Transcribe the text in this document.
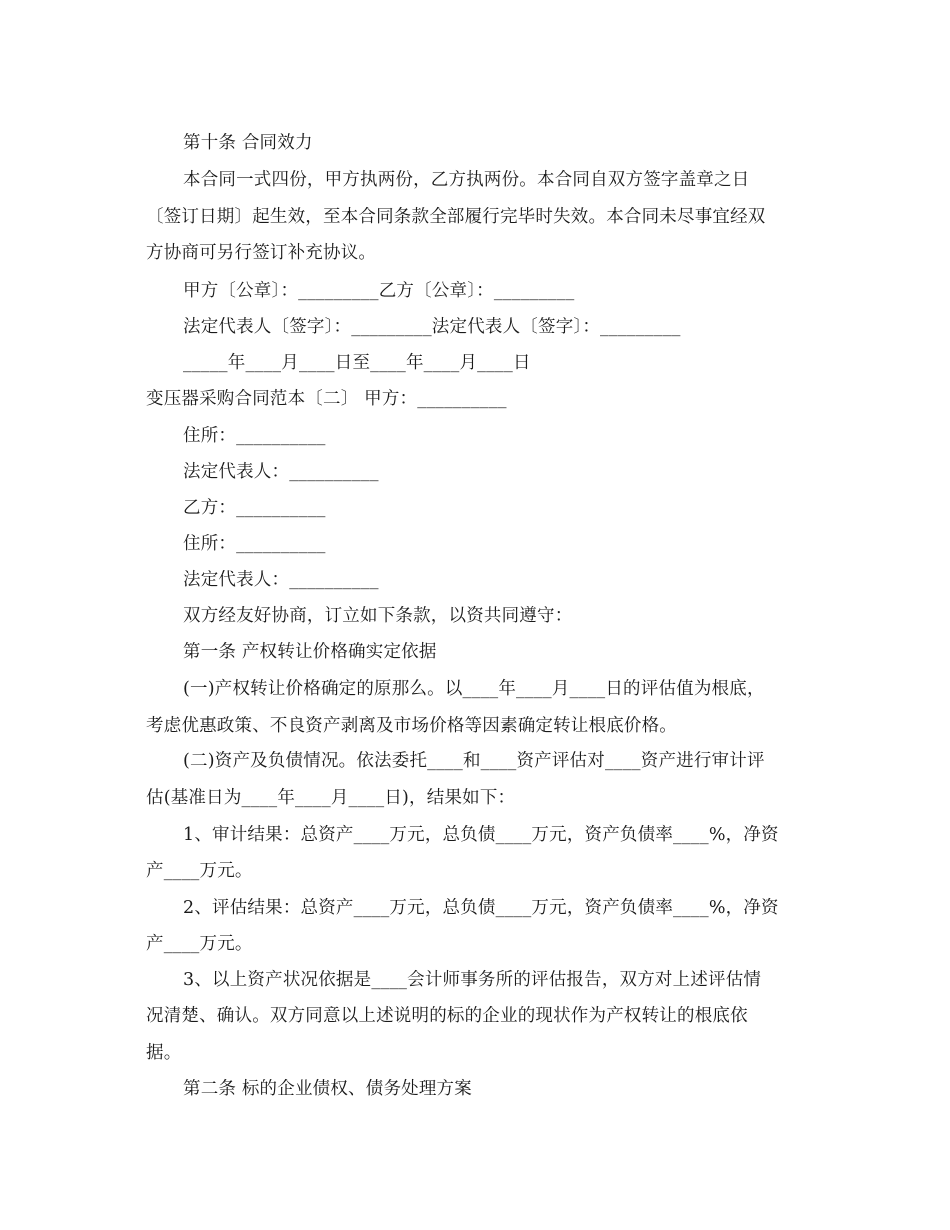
第十条 合同效力
本合同一式四份，甲方执两份，乙方执两份。本合同自双方签字盖章之日
〔签订日期〕起生效，至本合同条款全部履行完毕时失效。本合同未尽事宜经双
方协商可另行签订补充协议。
甲方〔公章〕：_________乙方〔公章〕：_________
法定代表人〔签字〕：_________法定代表人〔签字〕：_________
_____年____月____日至____年____月____日
变压器采购合同范本〔二〕 甲方：__________
住所：__________
法定代表人：__________
乙方：__________
住所：__________
法定代表人：__________
双方经友好协商，订立如下条款，以资共同遵守：
第一条 产权转让价格确实定依据
(一)产权转让价格确定的原那么。以____年____月____日的评估值为根底，
考虑优惠政策、不良资产剥离及市场价格等因素确定转让根底价格。
(二)资产及负债情况。依法委托____和____资产评估对____资产进行审计评
估(基准日为____年____月____日)，结果如下：
1、审计结果：总资产____万元，总负债____万元，资产负债率____%，净资
产____万元。
2、评估结果：总资产____万元，总负债____万元，资产负债率____%，净资
产____万元。
3、以上资产状况依据是____会计师事务所的评估报告，双方对上述评估情
况清楚、确认。双方同意以上述说明的标的企业的现状作为产权转让的根底依
据。
第二条 标的企业债权、债务处理方案
